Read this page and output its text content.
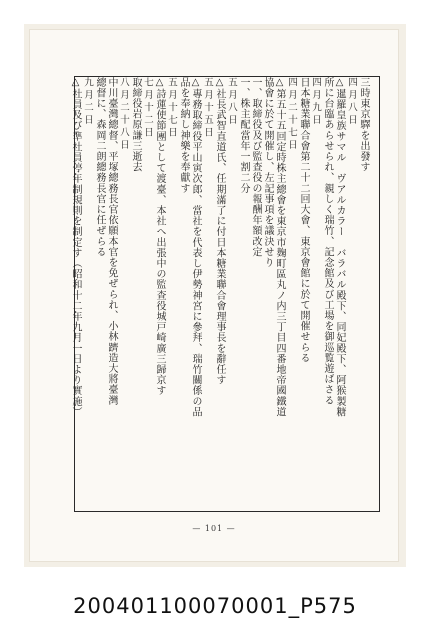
三時東京驛を出發す
四月八日
△暹羅皇族サマル　ヴアルカラー　バラバル殿下、同妃殿下、阿猴製糖
所に台臨あらせられ、親しく瑞竹、記念館及び工場を御巡覧遊ばさる
四月九日
日本糖業聯合會第二十二回大會、東京會館に於て開催せらる
四月二十七日
△第五十五回定時株主總會を東京市麹町區丸ノ内三丁目四番地帝國鐵道
協會に於て開催し、左記事項を議決せり
一、取締役及び監查役の報酬年額改定
一、株主配當年一割二分
五月八日
△社長武智直道氏、任期滿了に付日本糖業聯合會理事長を辭任す
五月十五日
△專務取締役平山寅次郎、當社を代表し伊勢神宮に參拜、瑞竹關係の品
品を奉納し神樂を奉獻す
五月十七日
△詩蓮使節團として渡臺、本社へ出張中の監查役城戸崎廣三歸京す
七月十二日
取締役岩原謙三逝去
八月二十八日
中川臺灣總督、平塚總務長官依願本官を免ぜられ、小林躋造大將臺灣
總督に、森岡二朗總務長官に任ぜらる
九月二日
△社員及び準社員停年制規則を制定す（昭和十二年九月一日より實施）
— 101 —
200401100070001_P575
